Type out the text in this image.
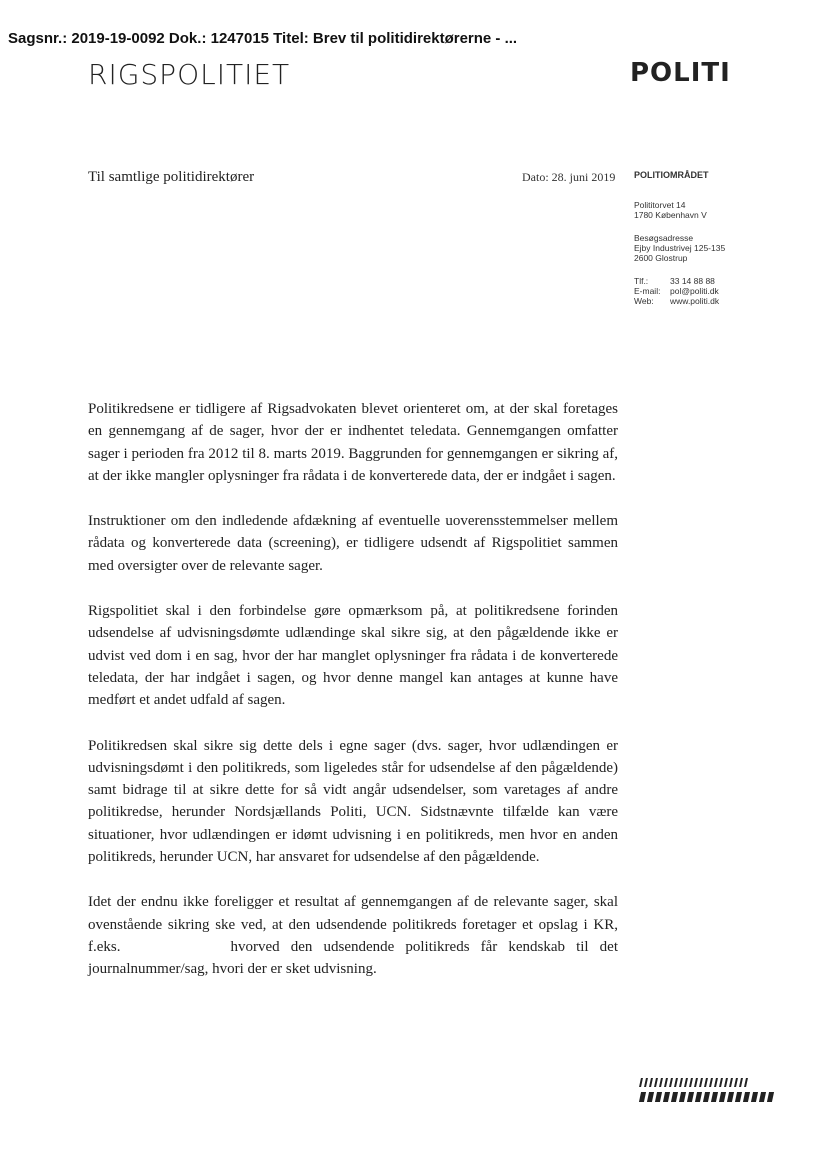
Sagsnr.: 2019-19-0092 Dok.: 1247015 Titel: Brev til politidirektørerne - ...
RIGSPOLITIET	POLITI
Til samtlige politidirektører	Dato: 28. juni 2019 POLITIOMRÅDET
Polititorvet 14
1780 København V
Besøgsadresse
Ejby Industrivej 125-135
2600 Glostrup
Tlf.:	33 14 88 88
E-mail:	pol@politi.dk
Web:	www.politi.dk

Politikredsene er tidligere af Rigsadvokaten blevet orienteret om, at der skal foretages en gennemgang af de sager, hvor der er indhentet teledata. Gennemgangen omfatter sager i perioden fra 2012 til 8. marts 2019. Baggrunden for gennemgangen er sikring af, at der ikke mangler oplysninger fra rådata i de konverterede data, der er indgået i sagen.

Instruktioner om den indledende afdækning af eventuelle uoverensstemmelser mellem rådata og konverterede data (screening), er tidligere udsendt af Rigspolitiet sammen med oversigter over de relevante sager.

Rigspolitiet skal i den forbindelse gøre opmærksom på, at politikredsene forinden udsendelse af udvisningsdømte udlændinge skal sikre sig, at den pågældende ikke er udvist ved dom i en sag, hvor der har manglet oplysninger fra rådata i de konverterede teledata, der har indgået i sagen, og hvor denne mangel kan antages at kunne have medført et andet udfald af sagen.

Politikredsen skal sikre sig dette dels i egne sager (dvs. sager, hvor udlændingen er udvisningsdømt i den politikreds, som ligeledes står for udsendelse af den pågældende) samt bidrage til at sikre dette for så vidt angår udsendelser, som varetages af andre politikredse, herunder Nordsjællands Politi, UCN. Sidstnævnte tilfælde kan være situationer, hvor udlændingen er idømt udvisning i en politikreds, men hvor en anden politikreds, herunder UCN, har ansvaret for udsendelse af den pågældende.

Idet der endnu ikke foreligger et resultat af gennemgangen af de relevante sager, skal ovenstående sikring ske ved, at den udsendende politikreds foretager et opslag i KR, f.eks.	hvorved den udsendende politikreds får kendskab til det journalnummer/sag, hvori der er sket udvisning.
